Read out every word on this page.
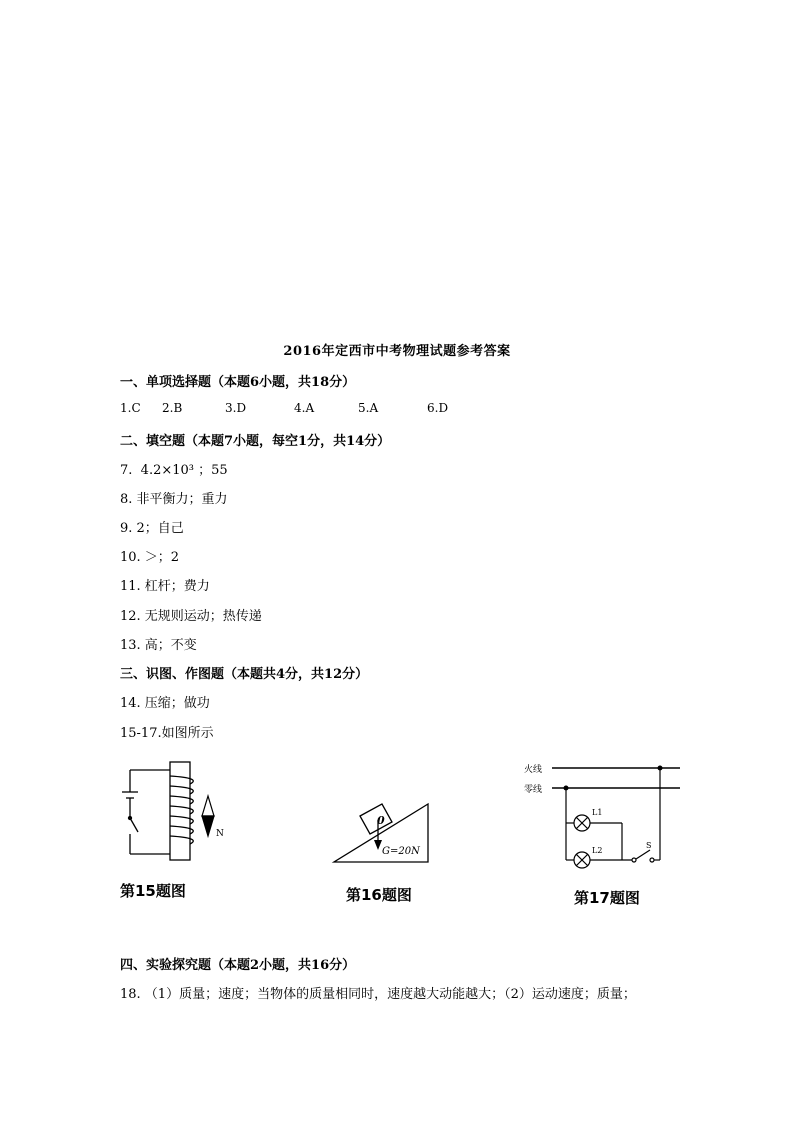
2016年定西市中考物理试题参考答案
一、单项选择题（本题6小题，共18分）
1.C 2.B	3.D	4.A	5.A	6.D
二、填空题（本题7小题，每空1分，共14分）
7.  4.2×10³ ；55
8. 非平衡力；重力
9. 2；自己
10. ＞；2
11. 杠杆；费力
12. 无规则运动；热传递
13. 高；不变
三、识图、作图题（本题共4分，共12分）
14. 压缩；做功
15-17.如图所示
N
第15题图
0
G=20N
第16题图
火线
零线
L1
L2
S
第17题图
四、实验探究题（本题2小题，共16分）
18. （1）质量；速度；当物体的质量相同时，速度越大动能越大；（2）运动速度；质量；
